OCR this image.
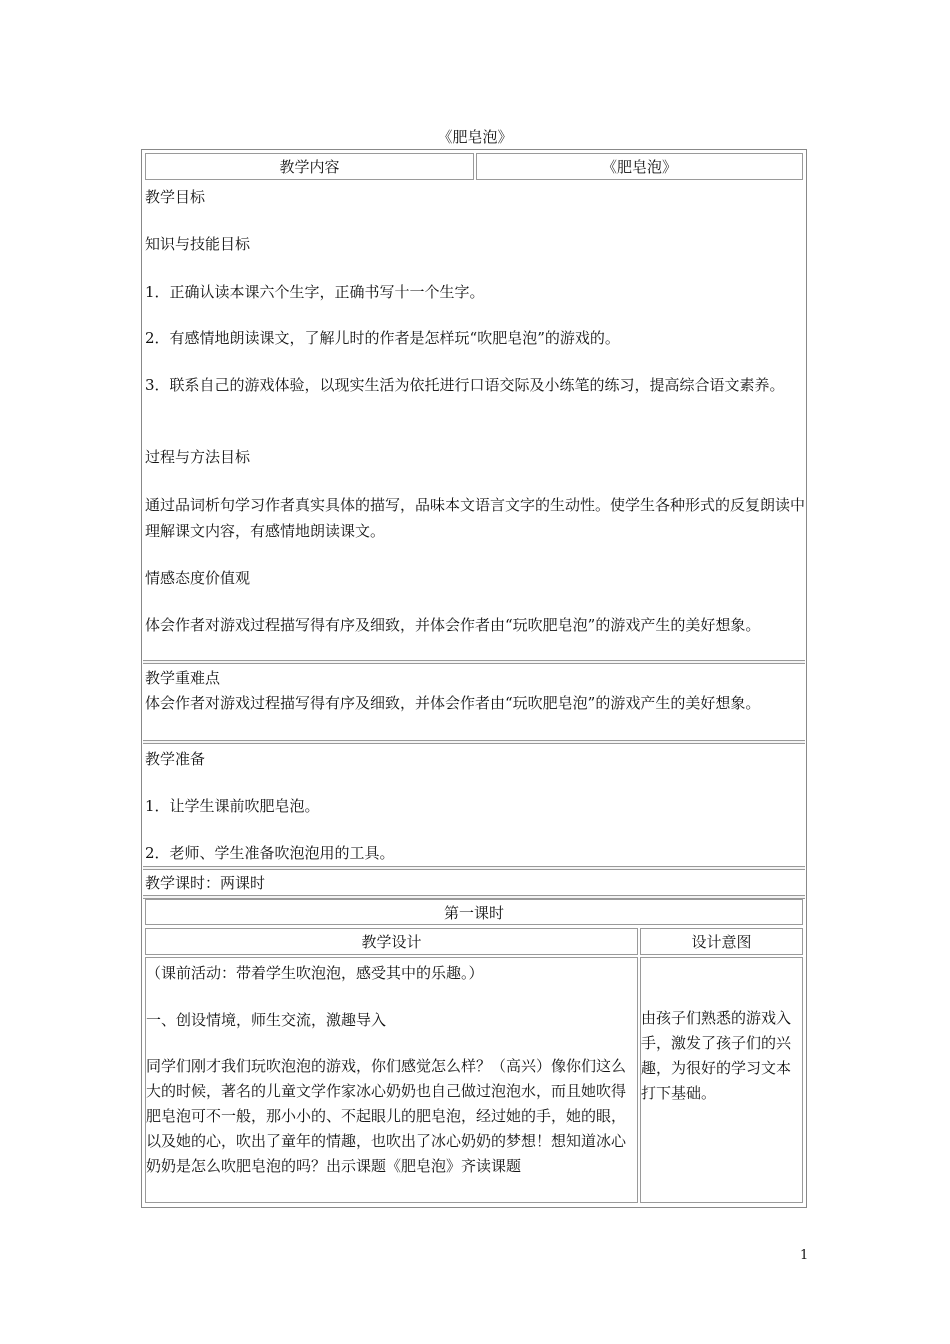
《肥皂泡》
教学内容	《肥皂泡》
教学目标
知识与技能目标
1．正确认读本课六个生字，正确书写十一个生字。
2．有感情地朗读课文，了解儿时的作者是怎样玩“吹肥皂泡”的游戏的。
3．联系自己的游戏体验，以现实生活为依托进行口语交际及小练笔的练习，提高综合语文素养。
过程与方法目标
通过品词析句学习作者真实具体的描写，品味本文语言文字的生动性。使学生各种形式的反复朗读中理解课文内容，有感情地朗读课文。
情感态度价值观
体会作者对游戏过程描写得有序及细致，并体会作者由“玩吹肥皂泡”的游戏产生的美好想象。
教学重难点
体会作者对游戏过程描写得有序及细致，并体会作者由“玩吹肥皂泡”的游戏产生的美好想象。
教学准备
1．让学生课前吹肥皂泡。
2．老师、学生准备吹泡泡用的工具。
教学课时：两课时
第一课时
教学设计	设计意图
（课前活动：带着学生吹泡泡，感受其中的乐趣。）
一、创设情境，师生交流，激趣导入
同学们刚才我们玩吹泡泡的游戏，你们感觉怎么样？（高兴）像你们这么大的时候，著名的儿童文学作家冰心奶奶也自己做过泡泡水，而且她吹得肥皂泡可不一般，那小小的、不起眼儿的肥皂泡，经过她的手，她的眼，以及她的心，吹出了童年的情趣，也吹出了冰心奶奶的梦想！想知道冰心奶奶是怎么吹肥皂泡的吗？出示课题《肥皂泡》齐读课题
由孩子们熟悉的游戏入手，激发了孩子们的兴趣，为很好的学习文本打下基础。
1
